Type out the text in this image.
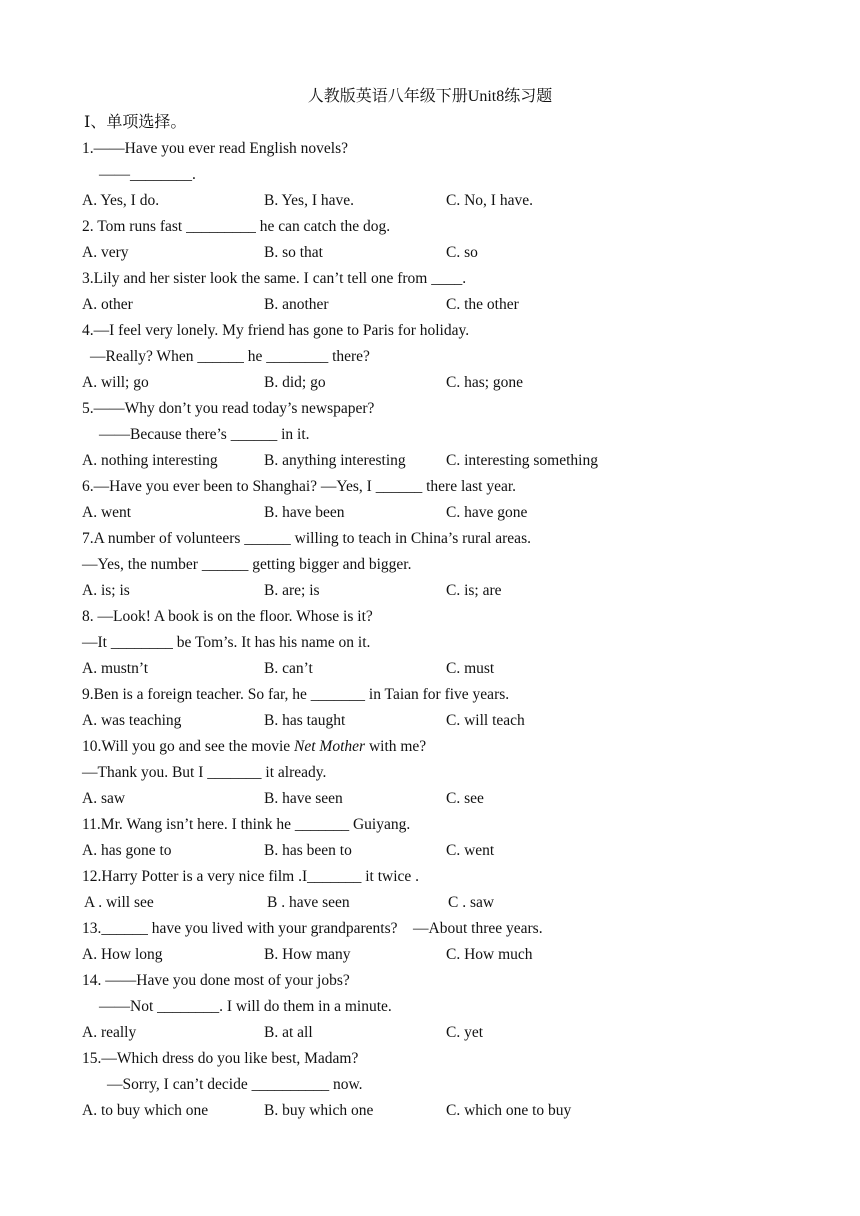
人教版英语八年级下册Unit8练习题
Ⅰ、单项选择。
1.——Have you ever read English novels?
——________.
A. Yes, I do.	B. Yes, I have.	C. No, I have.
2. Tom runs fast _________ he can catch the dog.
A. very	B. so that	C. so
3.Lily and her sister look the same. I can’t tell one from ____.
A. other	B. another	C. the other
4.—I feel very lonely. My friend has gone to Paris for holiday.
—Really? When ______ he ________ there?
A. will; go	B. did; go	C. has; gone
5.——Why don’t you read today’s newspaper?
——Because there’s ______ in it.
A. nothing interesting	B. anything interesting	C. interesting something
6.—Have you ever been to Shanghai? —Yes, I ______ there last year.
A. went	B. have been	C. have gone
7.A number of volunteers ______ willing to teach in China’s rural areas.
—Yes, the number ______ getting bigger and bigger.
A. is; is	B. are; is	C. is; are
8. —Look! A book is on the floor. Whose is it?
—It ________ be Tom’s. It has his name on it.
A. mustn’t	B. can’t	C. must
9.Ben is a foreign teacher. So far, he _______ in Taian for five years.
A. was teaching	B. has taught	C. will teach
10.Will you go and see the movie Net Mother with me?
—Thank you. But I _______ it already.
A. saw	B. have seen	C. see
11.Mr. Wang isn’t here. I think he _______ Guiyang.
A. has gone to	B. has been to	C. went
12.Harry Potter is a very nice film .I_______ it twice .
A . will see	B . have seen	C . saw
13.______ have you lived with your grandparents?    —About three years.
A. How long	B. How many	C. How much
14. ——Have you done most of your jobs?
——Not ________. I will do them in a minute.
A. really	B. at all	C. yet
15.—Which dress do you like best, Madam?
—Sorry, I can’t decide __________ now.
A. to buy which one	B. buy which one	C. which one to buy
